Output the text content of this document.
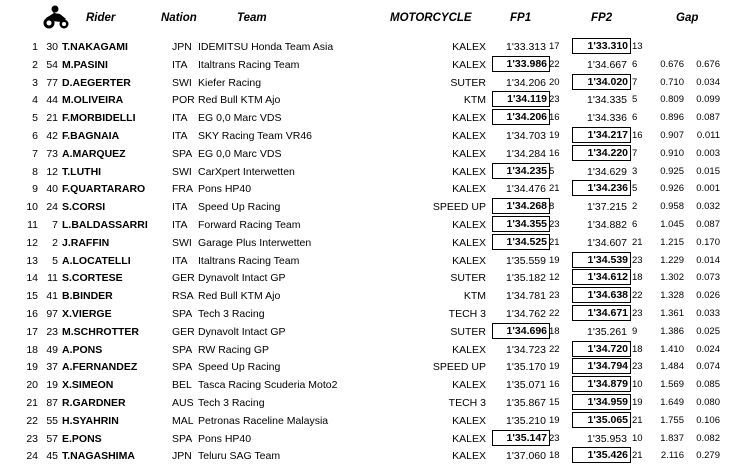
Rider	Nation	Team	MOTORCYCLE	FP1	FP2	Gap
1 30 T.NAKAGAMI	JPN IDEMITSU Honda Team Asia	KALEX	1'33.313 17	1'33.310 13
2 54 M.PASINI	ITA Italtrans Racing Team	KALEX	1'33.986 22	1'34.667 6	0.676	0.676
3 77 D.AEGERTER	SWI Kiefer Racing	SUTER	1'34.206 20	1'34.020 7	0.710	0.034
4 44 M.OLIVEIRA	POR Red Bull KTM Ajo	KTM	1'34.119 23	1'34.335 5	0.809	0.099
5 21 F.MORBIDELLI	ITA EG 0,0 Marc VDS	KALEX	1'34.206 16	1'34.336 6	0.896	0.087
6 42 F.BAGNAIA	ITA SKY Racing Team VR46	KALEX	1'34.703 19	1'34.217 16	0.907	0.011
7 73 A.MARQUEZ	SPA EG 0,0 Marc VDS	KALEX	1'34.284 16	1'34.220 7	0.910	0.003
8 12 T.LUTHI	SWI CarXpert Interwetten	KALEX	1'34.235 5	1'34.629 3	0.925	0.015
9 40 F.QUARTARARO	FRA Pons HP40	KALEX	1'34.476 21	1'34.236 5	0.926	0.001
10 24 S.CORSI	ITA Speed Up Racing	SPEED UP	1'34.268 8	1'37.215 2	0.958	0.032
11	7 L.BALDASSARRI ITA Forward Racing Team	KALEX	1'34.355 23	1'34.882 6	1.045	0.087
12	2 J.RAFFIN	SWI Garage Plus Interwetten	KALEX	1'34.525 21	1'34.607 21	1.215	0.170
13	5 A.LOCATELLI	ITA Italtrans Racing Team	KALEX	1'35.559 19	1'34.539 23	1.229	0.014
14 11 S.CORTESE	GER Dynavolt Intact GP	SUTER	1'35.182 12	1'34.612 18	1.302	0.073
15 41 B.BINDER	RSA Red Bull KTM Ajo	KTM	1'34.781 23	1'34.638 22	1.328	0.026
16 97 X.VIERGE	SPA Tech 3 Racing	TECH 3	1'34.762 22	1'34.671 23	1.361	0.033
17 23 M.SCHROTTER	GER Dynavolt Intact GP	SUTER	1'34.696 18	1'35.261 9	1.386	0.025
18 49 A.PONS	SPA RW Racing GP	KALEX	1'34.723 22	1'34.720 18	1.410	0.024
19 37 A.FERNANDEZ	SPA Speed Up Racing	SPEED UP	1'35.170 19	1'34.794 23	1.484	0.074
20 19 X.SIMEON	BEL Tasca Racing Scuderia Moto2	KALEX	1'35.071 16	1'34.879 10	1.569	0.085
21 87 R.GARDNER	AUS Tech 3 Racing	TECH 3	1'35.867 15	1'34.959 19	1.649	0.080
22 55 H.SYAHRIN	MAL Petronas Raceline Malaysia	KALEX	1'35.210 19	1'35.065 21	1.755	0.106
23 57 E.PONS	SPA Pons HP40	KALEX	1'35.147 23	1'35.953 10	1.837	0.082
24 45 T.NAGASHIMA	JPN Teluru SAG Team	KALEX	1'37.060 18	1'35.426 21	2.116	0.279
